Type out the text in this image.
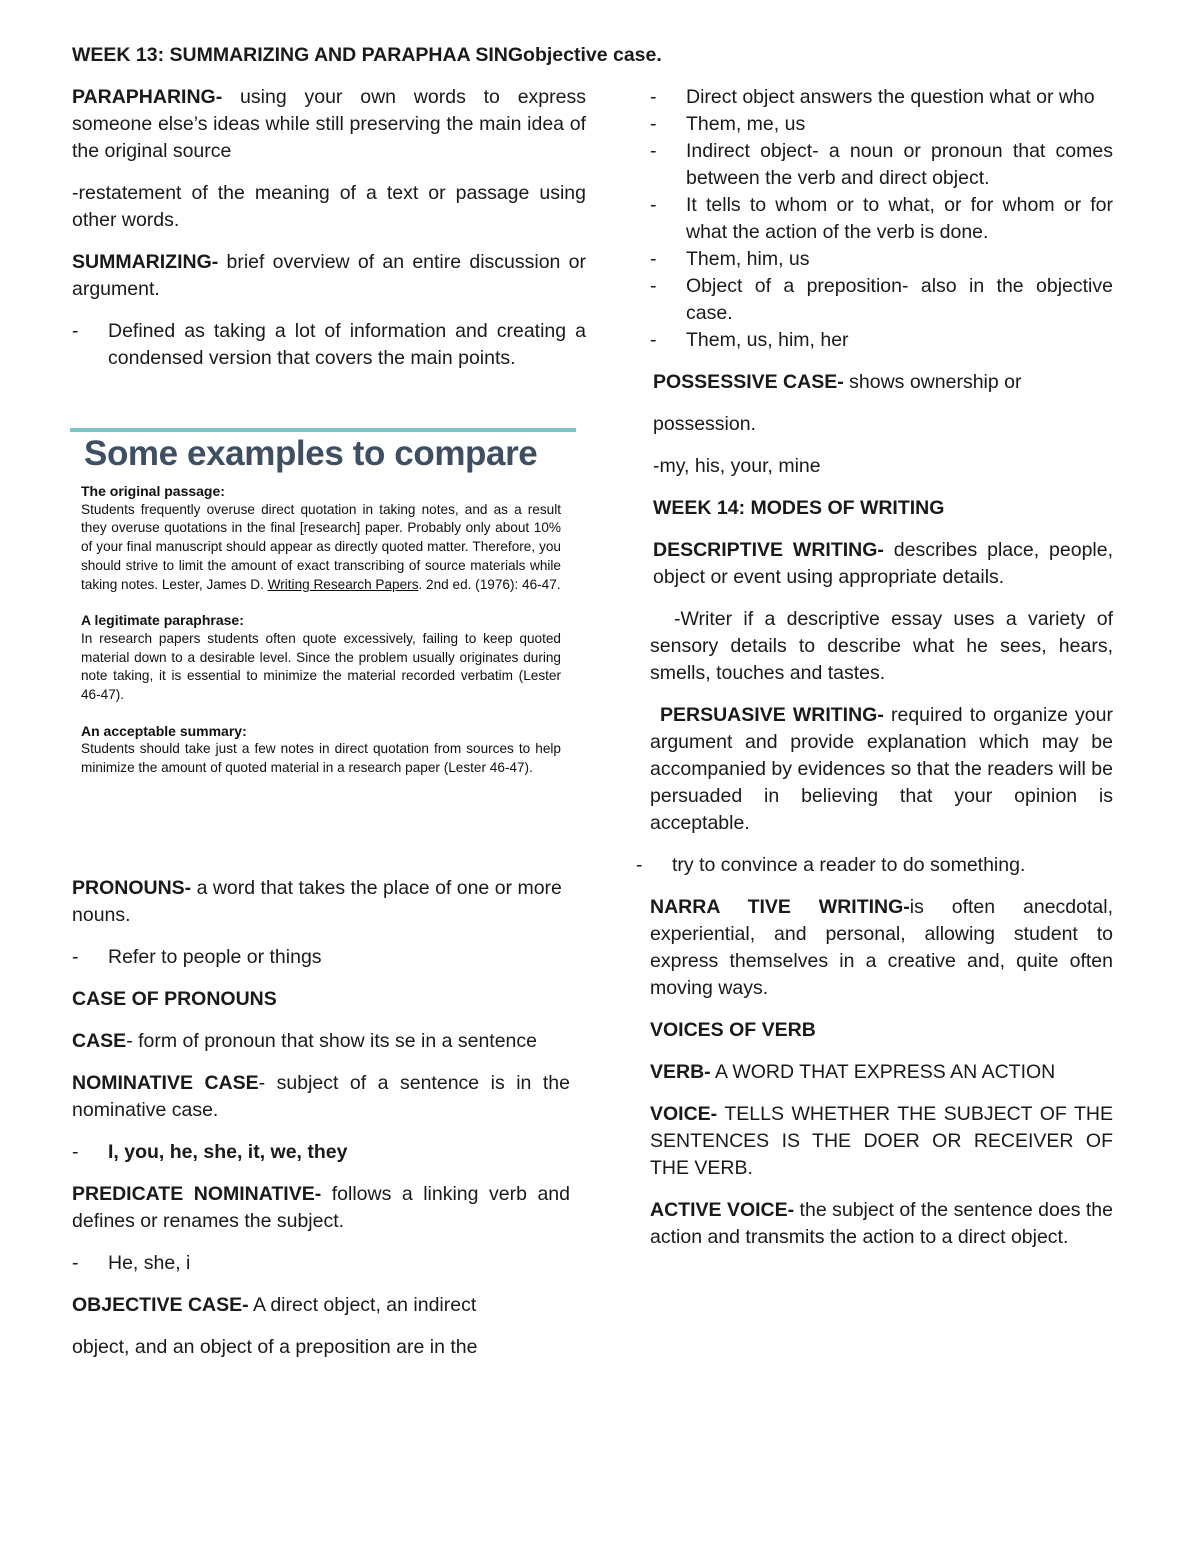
WEEK 13: SUMMARIZING AND PARAPHAA SINGobjective case.

PARAPHARING- using your own words to express someone else’s ideas while still preserving the main idea of the original source

-restatement of the meaning of a text or passage using other words.

SUMMARIZING- brief overview of an entire discussion or argument.

-	Defined as taking a lot of information and creating a condensed version that covers the main points.
Some examples to compare
The original passage:

Students frequently overuse direct quotation in taking notes, and as a result they overuse quotations in the final [research] paper. Probably only about 10% of your final manuscript should appear as directly quoted matter. Therefore, you should strive to limit the amount of exact transcribing of source materials while taking notes. Lester, James D. Writing Research Papers. 2nd ed. (1976): 46-47.

A legitimate paraphrase:

In research papers students often quote excessively, failing to keep quoted material down to a desirable level. Since the problem usually originates during note taking, it is essential to minimize the material recorded verbatim (Lester 46-47).

An acceptable summary:

Students should take just a few notes in direct quotation from sources to help minimize the amount of quoted material in a research paper (Lester 46-47).

PRONOUNS- a word that takes the place of one or more nouns.

-	Refer to people or things

CASE OF PRONOUNS

CASE- form of pronoun that show its se in a sentence

NOMINATIVE CASE- subject of a sentence is in the nominative case.

-	I, you, he, she, it, we, they

PREDICATE NOMINATIVE- follows a linking verb and defines or renames the subject.

-	He, she, i

OBJECTIVE CASE- A direct object, an indirect

object, and an object of a preposition are in the

-	Direct object answers the question what or who
-	Them, me, us
-	Indirect object- a noun or pronoun that comes between the verb and direct object.
-	It tells to whom or to what, or for whom or for what the action of the verb is done.
-	Them, him, us
-	Object of a preposition- also in the objective case.
-	Them, us, him, her

POSSESSIVE CASE- shows ownership or

possession.

-my, his, your, mine

WEEK 14: MODES OF WRITING

DESCRIPTIVE WRITING- describes place, people, object or event using appropriate details.

-Writer if a descriptive essay uses a variety of sensory details to describe what he sees, hears, smells, touches and tastes.

PERSUASIVE WRITING- required to organize your argument and provide explanation which may be accompanied by evidences so that the readers will be persuaded in believing that your opinion is acceptable.

-	try to convince a reader to do something.

NARRA TIVE WRITING-is often anecdotal, experiential, and personal, allowing student to express themselves in a creative and, quite often moving ways.

VOICES OF VERB

VERB- A WORD THAT EXPRESS AN ACTION

VOICE- TELLS WHETHER THE SUBJECT OF THE SENTENCES IS THE DOER OR RECEIVER OF THE VERB.

ACTIVE VOICE- the subject of the sentence does the action and transmits the action to a direct object.
